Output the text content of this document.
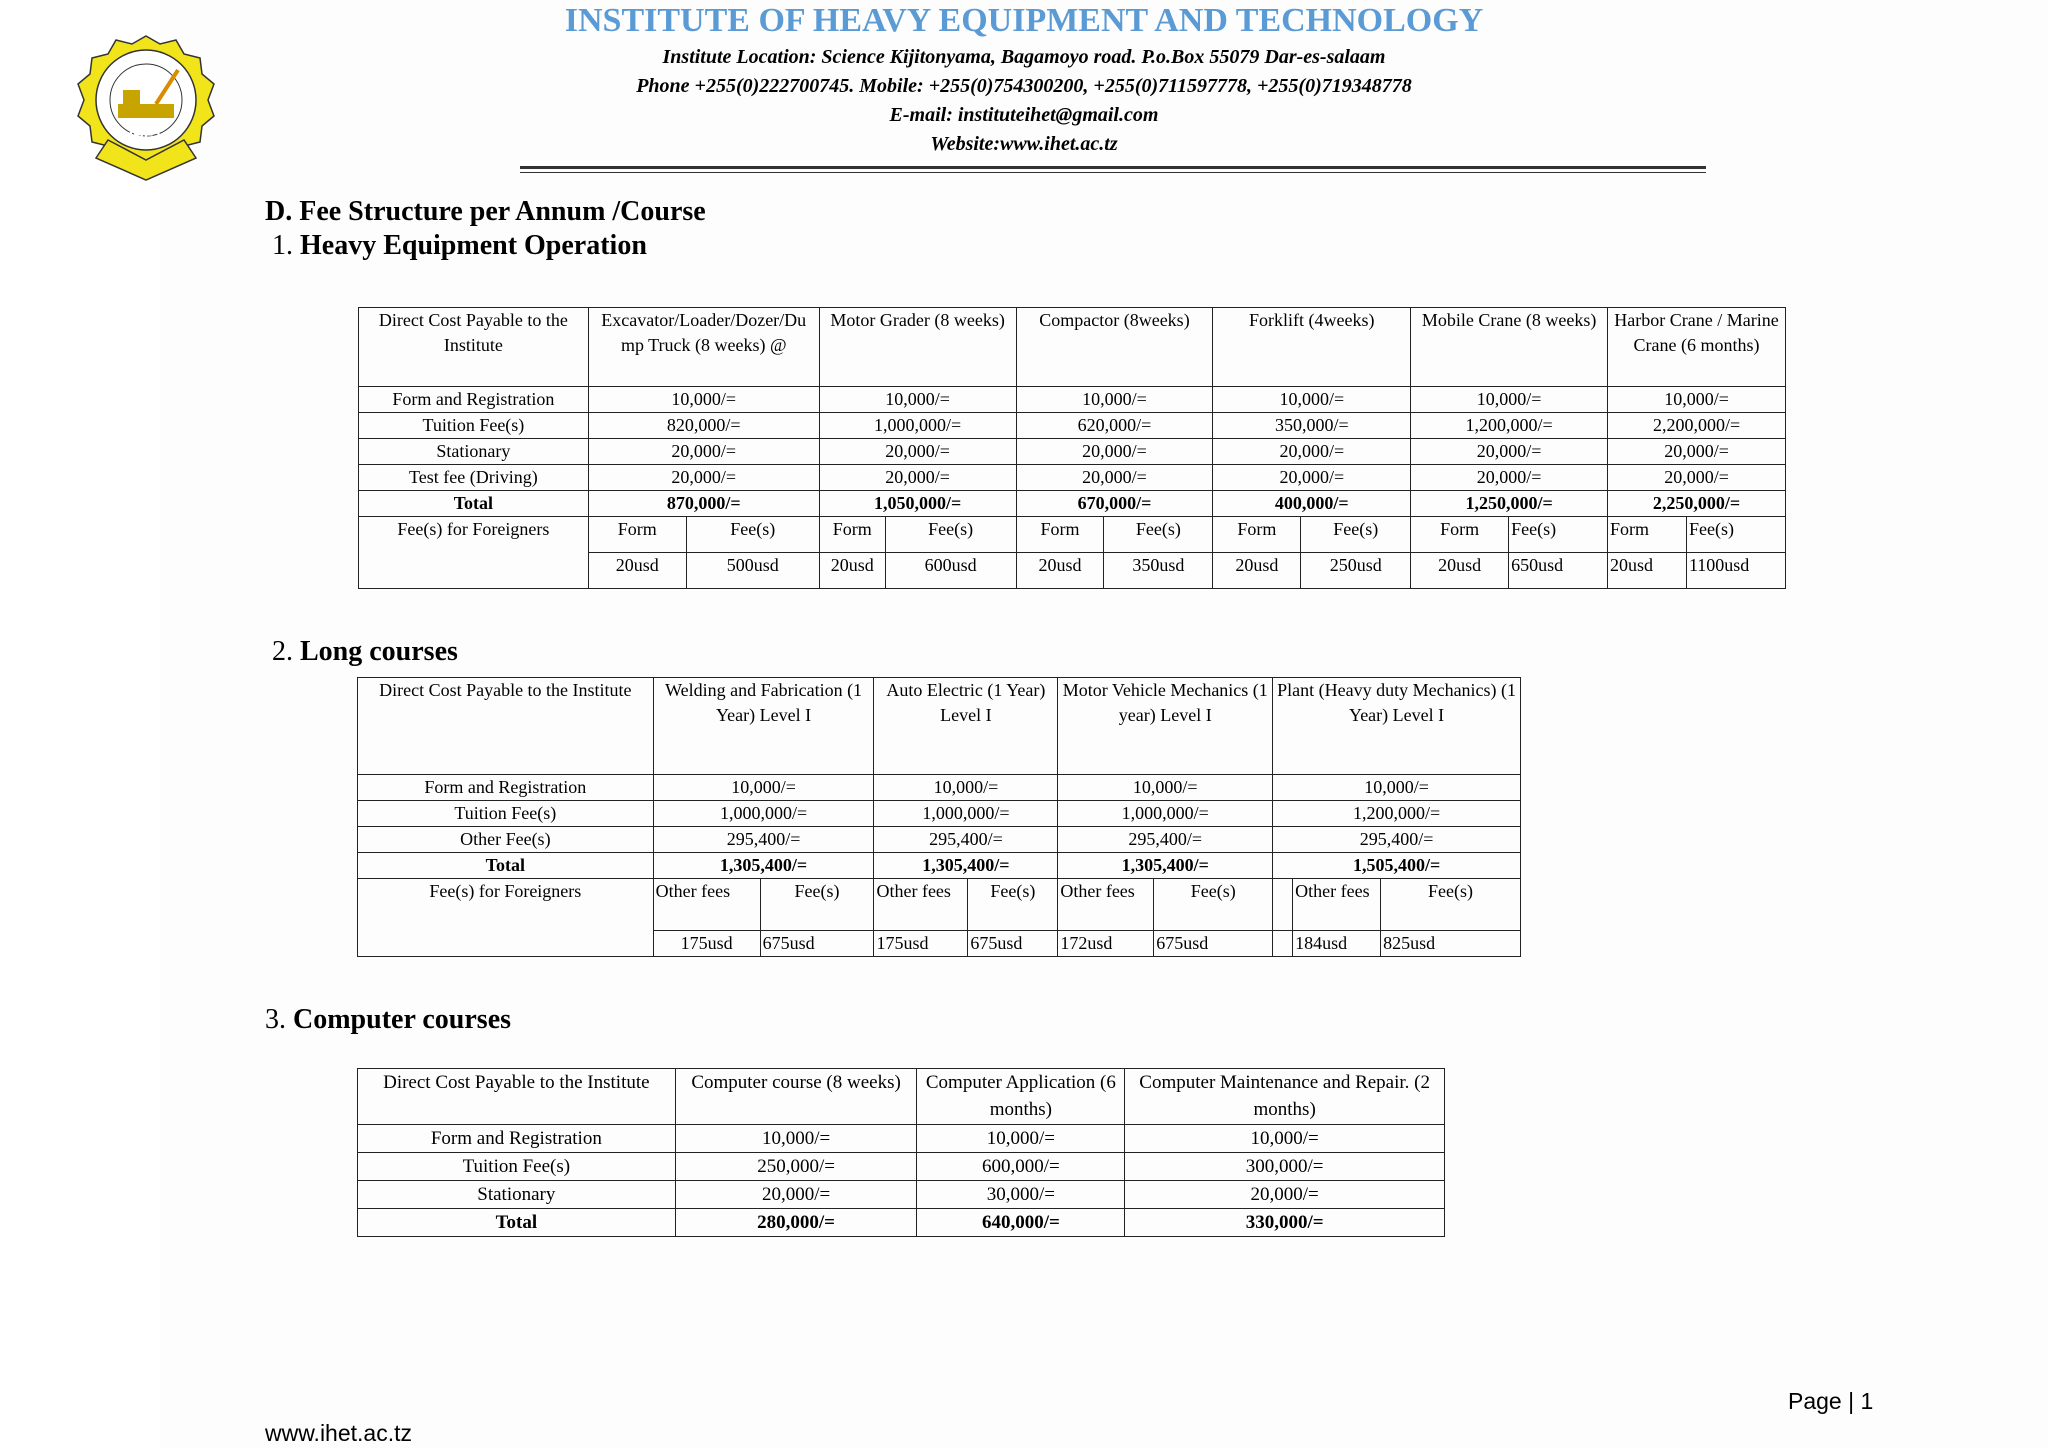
IHET
INSTITUTE OF HEAVY EQUIPMENT AND TECHNOLOGY
Institute Location: Science Kijitonyama, Bagamoyo road. P.o.Box 55079 Dar-es-salaam
Phone +255(0)222700745. Mobile: +255(0)754300200, +255(0)711597778, +255(0)719348778
E-mail: instituteihet@gmail.com
Website:www.ihet.ac.tz
D. Fee Structure per Annum /Course
1. Heavy Equipment Operation
Direct Cost Payable to the Institute	Excavator/Loader/Dozer/Du mp Truck (8 weeks) @		Motor Grader (8 weeks)		Compactor (8weeks)		Forklift (4weeks)		Mobile Crane (8 weeks)		Harbor Crane / Marine Crane (6 months)	
Form and Registration	10,000/=		10,000/=		10,000/=		10,000/=		10,000/=		10,000/=	
Tuition Fee(s)	820,000/=		1,000,000/=		620,000/=		350,000/=		1,200,000/=		2,200,000/=	
Stationary	20,000/=		20,000/=		20,000/=		20,000/=		20,000/=		20,000/=	
Test fee (Driving)	20,000/=		20,000/=		20,000/=		20,000/=		20,000/=		20,000/=	
Total	870,000/=		1,050,000/=		670,000/=		400,000/=		1,250,000/=		2,250,000/=	
Fee(s) for Foreigners	Form	Fee(s)	Form	Fee(s)	Form	Fee(s)	Form	Fee(s)	Form	Fee(s)	Form	Fee(s)
	20usd	500usd	20usd	600usd	20usd	350usd	20usd	250usd	20usd	650usd	20usd	1100usd
2. Long courses
Direct Cost Payable to the Institute	Welding and Fabrication (1 Year) Level I		Auto Electric (1 Year) Level I		Motor Vehicle Mechanics (1 year) Level I		Plant (Heavy duty Mechanics) (1 Year) Level I		
Form and Registration	10,000/=		10,000/=		10,000/=		10,000/=		
Tuition Fee(s)	1,000,000/=		1,000,000/=		1,000,000/=		1,200,000/=		
Other Fee(s)	295,400/=		295,400/=		295,400/=		295,400/=		
Total	1,305,400/=		1,305,400/=		1,305,400/=		1,505,400/=		
Fee(s) for Foreigners	Other fees	Fee(s)	Other fees	Fee(s)	Other fees	Fee(s)		Other fees	Fee(s)
	175usd	675usd	175usd	675usd	172usd	675usd		184usd	825usd
3. Computer courses
Direct Cost Payable to the Institute	Computer course (8 weeks)	Computer Application (6 months)	Computer Maintenance and Repair. (2 months)
Form and Registration	10,000/=	10,000/=	10,000/=
Tuition Fee(s)	250,000/=	600,000/=	300,000/=
Stationary	20,000/=	30,000/=	20,000/=
Total	280,000/=	640,000/=	330,000/=
Page | 1
www.ihet.ac.tz
